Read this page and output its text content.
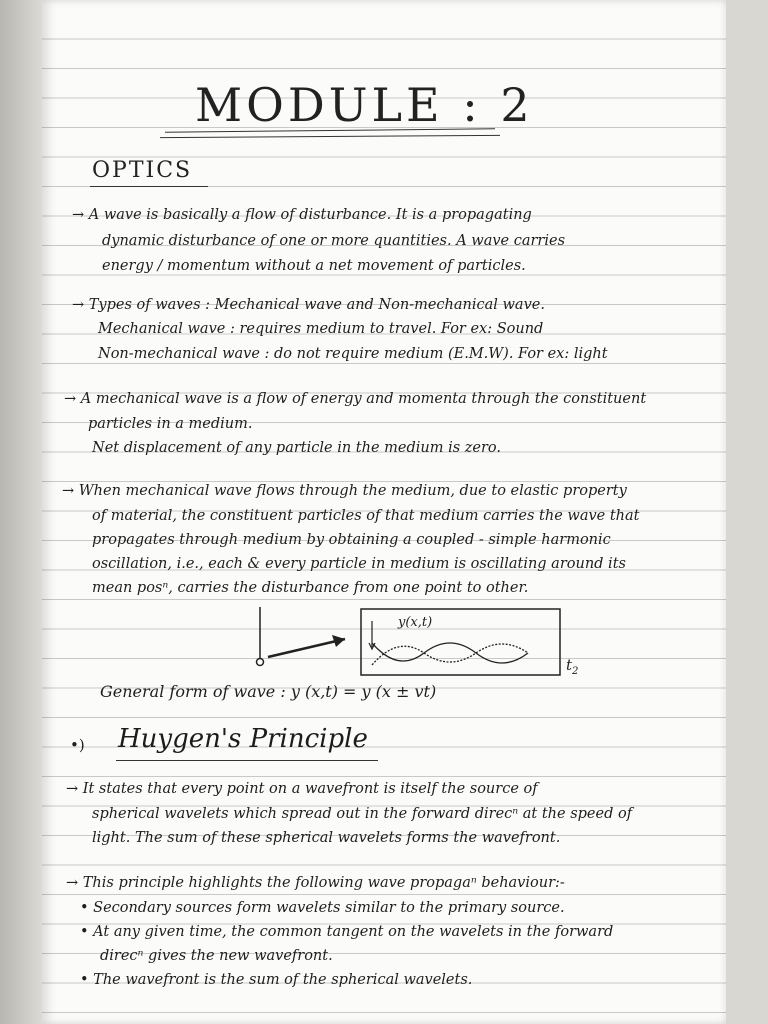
MODULE : 2
OPTICS
→ A wave is basically a flow of disturbance. It is a propagating
dynamic disturbance of one or more quantities. A wave carries
energy / momentum without a net movement of particles.
→ Types of waves : Mechanical wave and Non-mechanical wave.
Mechanical wave : requires medium to travel. For ex: Sound
Non-mechanical wave : do not require medium (E.M.W). For ex: light
→ A mechanical wave is a flow of energy and momenta through the constituent
particles in a medium.
Net displacement of any particle in the medium is zero.
→ When mechanical wave flows through the medium, due to elastic property
of material, the constituent particles of that medium carries the wave that
propagates through medium by obtaining a coupled - simple harmonic
oscillation, i.e., each & every particle in medium is oscillating around its
mean posⁿ, carries the disturbance from one point to other.
y(x,t)
$t_2$
General form of wave : y (x,t) = y (x ± vt)
•) Huygen's Principle
→ It states that every point on a wavefront is itself the source of
spherical wavelets which spread out in the forward direcⁿ at the speed of
light. The sum of these spherical wavelets forms the wavefront.
→ This principle highlights the following wave propagaⁿ behaviour:-
• Secondary sources form wavelets similar to the primary source.
• At any given time, the common tangent on the wavelets in the forward
direcⁿ gives the new wavefront.
• The wavefront is the sum of the spherical wavelets.
